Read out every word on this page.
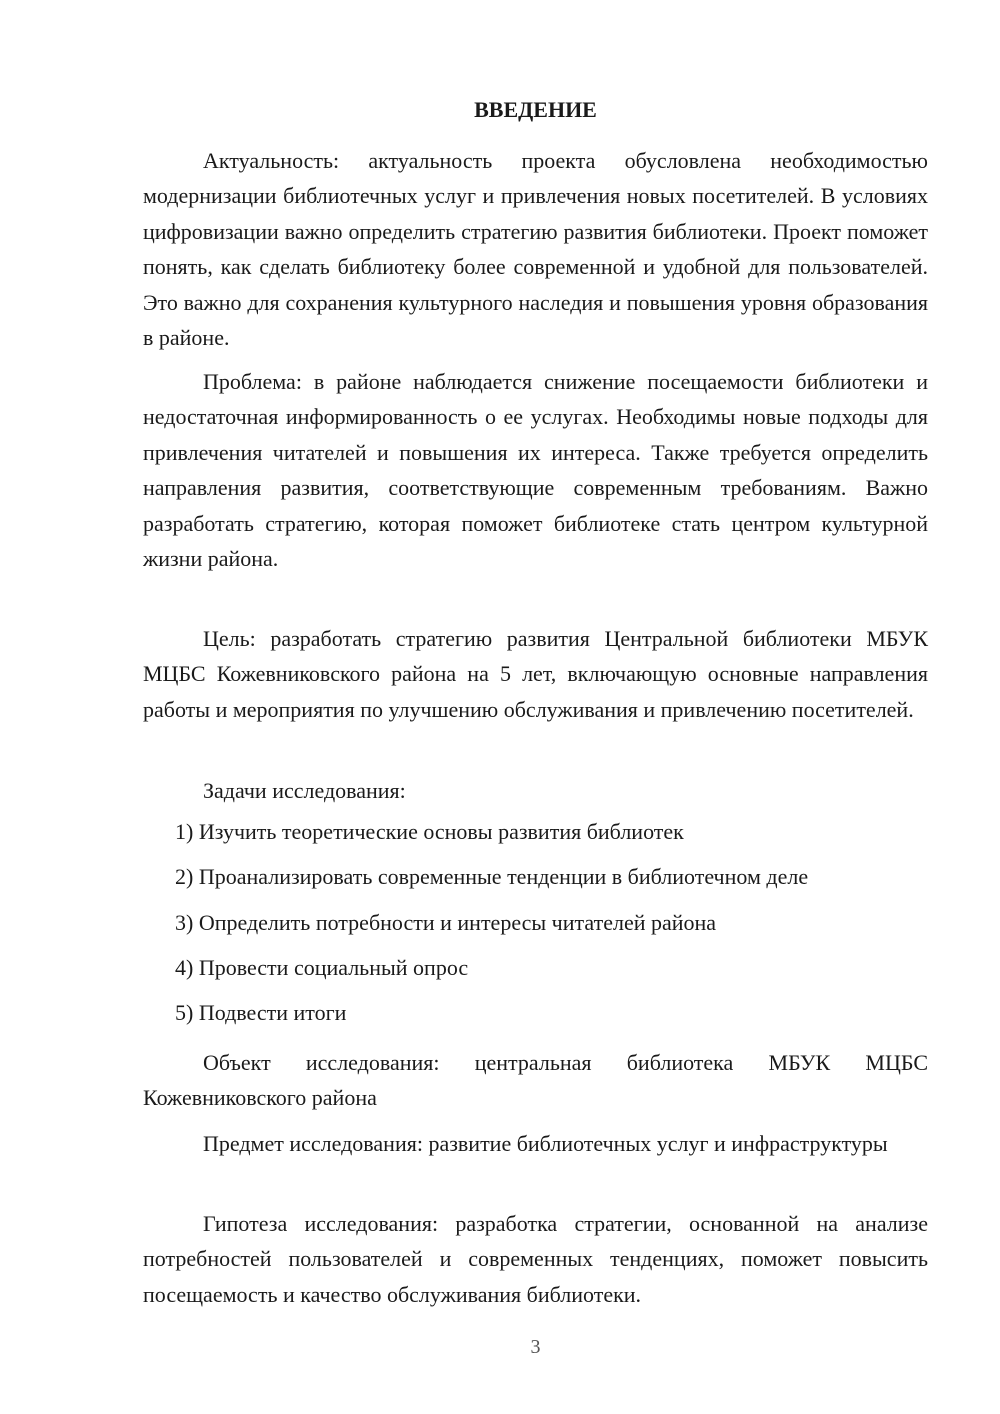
ВВЕДЕНИЕ

Актуальность: актуальность проекта обусловлена необходимостью модернизации библиотечных услуг и привлечения новых посетителей. В условиях цифровизации важно определить стратегию развития библиотеки. Проект поможет понять, как сделать библиотеку более современной и удобной для пользователей. Это важно для сохранения культурного наследия и повышения уровня образования в районе.

Проблема: в районе наблюдается снижение посещаемости библиотеки и недостаточная информированность о ее услугах. Необходимы новые подходы для привлечения читателей и повышения их интереса. Также требуется определить направления развития, соответствующие современным требованиям. Важно разработать стратегию, которая поможет библиотеке стать центром культурной жизни района.

Цель: разработать стратегию развития Центральной библиотеки МБУК МЦБС Кожевниковского района на 5 лет, включающую основные направления работы и мероприятия по улучшению обслуживания и привлечению посетителей.

Задачи исследования:

1) Изучить теоретические основы развития библиотек
2) Проанализировать современные тенденции в библиотечном деле
3) Определить потребности и интересы читателей района
4) Провести социальный опрос
5) Подвести итоги

Объект исследования: центральная библиотека МБУК МЦБС Кожевниковского района

Предмет исследования: развитие библиотечных услуг и инфраструктуры

Гипотеза исследования: разработка стратегии, основанной на анализе потребностей пользователей и современных тенденциях, поможет повысить посещаемость и качество обслуживания библиотеки.

3
